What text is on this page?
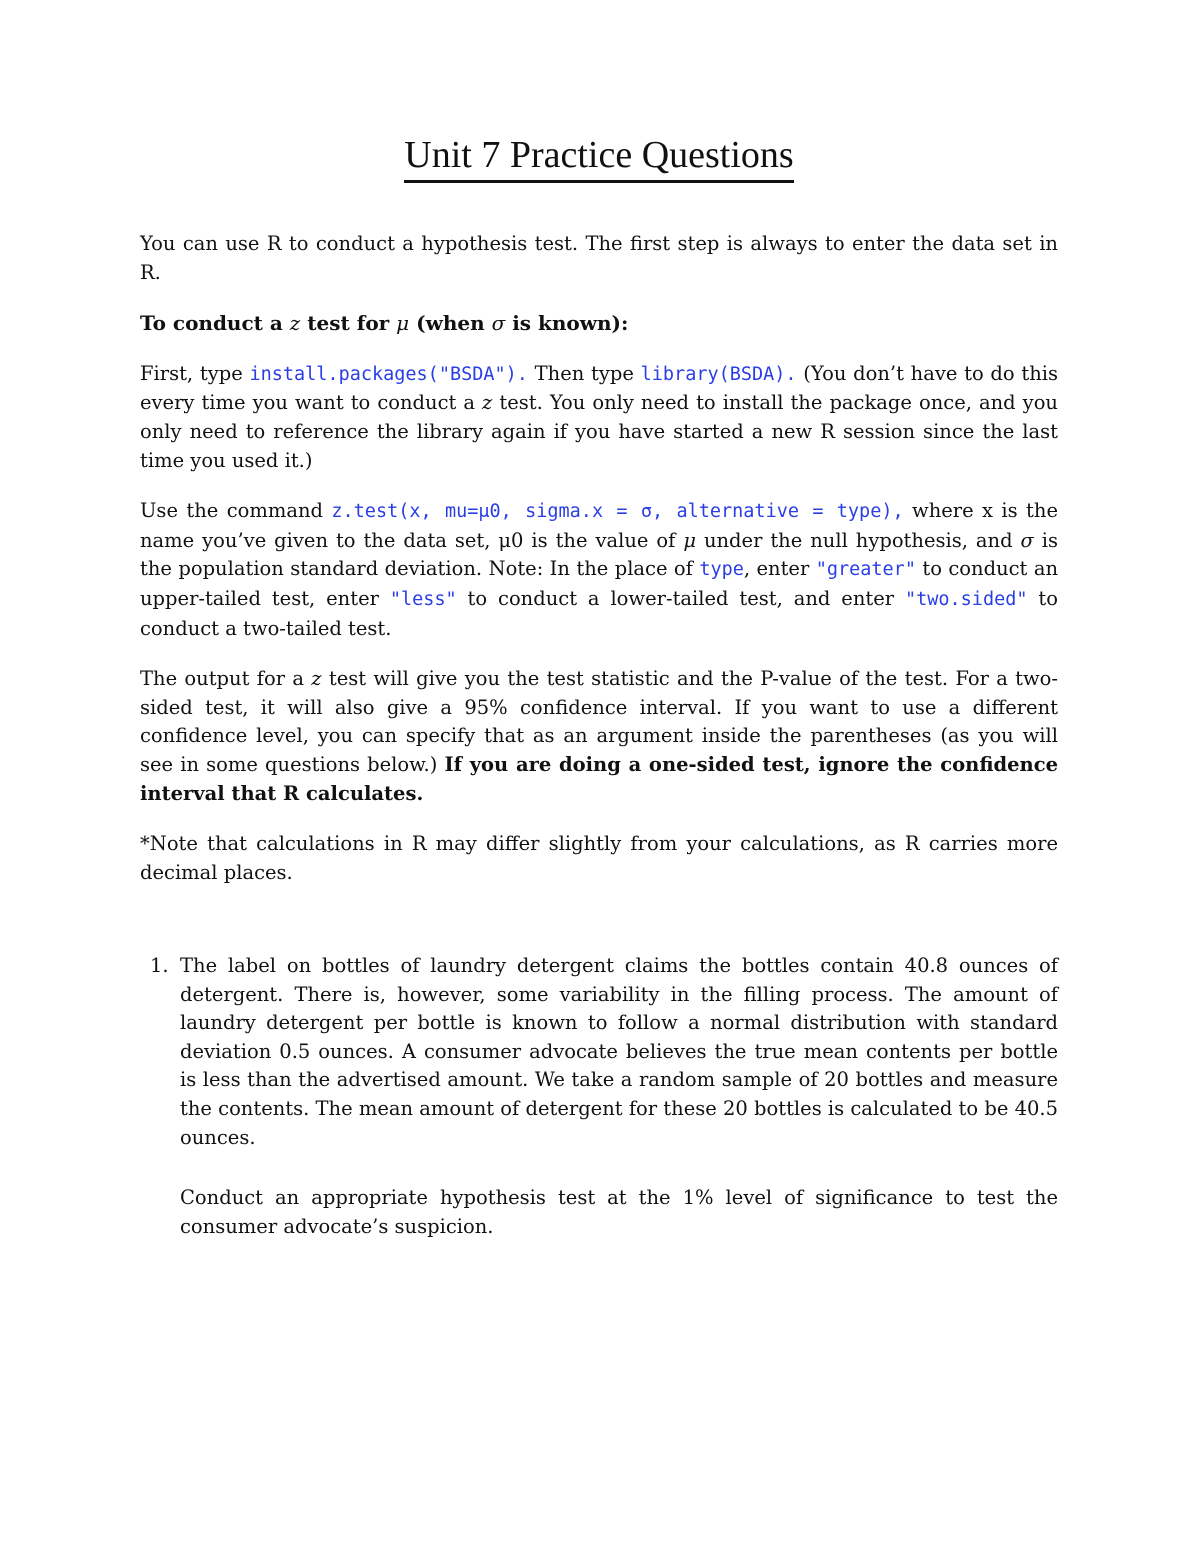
Unit 7 Practice Questions

You can use R to conduct a hypothesis test. The first step is always to enter the data set in R.

To conduct a z test for μ (when σ is known):

First, type install.packages("BSDA"). Then type library(BSDA). (You don’t have to do this every time you want to conduct a z test. You only need to install the package once, and you only need to reference the library again if you have started a new R session since the last time you used it.)

Use the command z.test(x, mu=μ0, sigma.x = σ, alternative = type), where x is the name you’ve given to the data set, μ0 is the value of μ under the null hypothesis, and σ is the population standard deviation. Note: In the place of type, enter "greater" to conduct an upper-tailed test, enter "less" to conduct a lower-tailed test, and enter "two.sided" to conduct a two-tailed test.

The output for a z test will give you the test statistic and the P-value of the test. For a two-sided test, it will also give a 95% confidence interval. If you want to use a different confidence level, you can specify that as an argument inside the parentheses (as you will see in some questions below.) If you are doing a one-sided test, ignore the confidence interval that R calculates.

*Note that calculations in R may differ slightly from your calculations, as R carries more decimal places.

1. The label on bottles of laundry detergent claims the bottles contain 40.8 ounces of detergent. There is, however, some variability in the filling process. The amount of laundry detergent per bottle is known to follow a normal distribution with standard deviation 0.5 ounces. A consumer advocate believes the true mean contents per bottle is less than the advertised amount. We take a random sample of 20 bottles and measure the contents. The mean amount of detergent for these 20 bottles is calculated to be 40.5 ounces.

Conduct an appropriate hypothesis test at the 1% level of significance to test the consumer advocate’s suspicion.
